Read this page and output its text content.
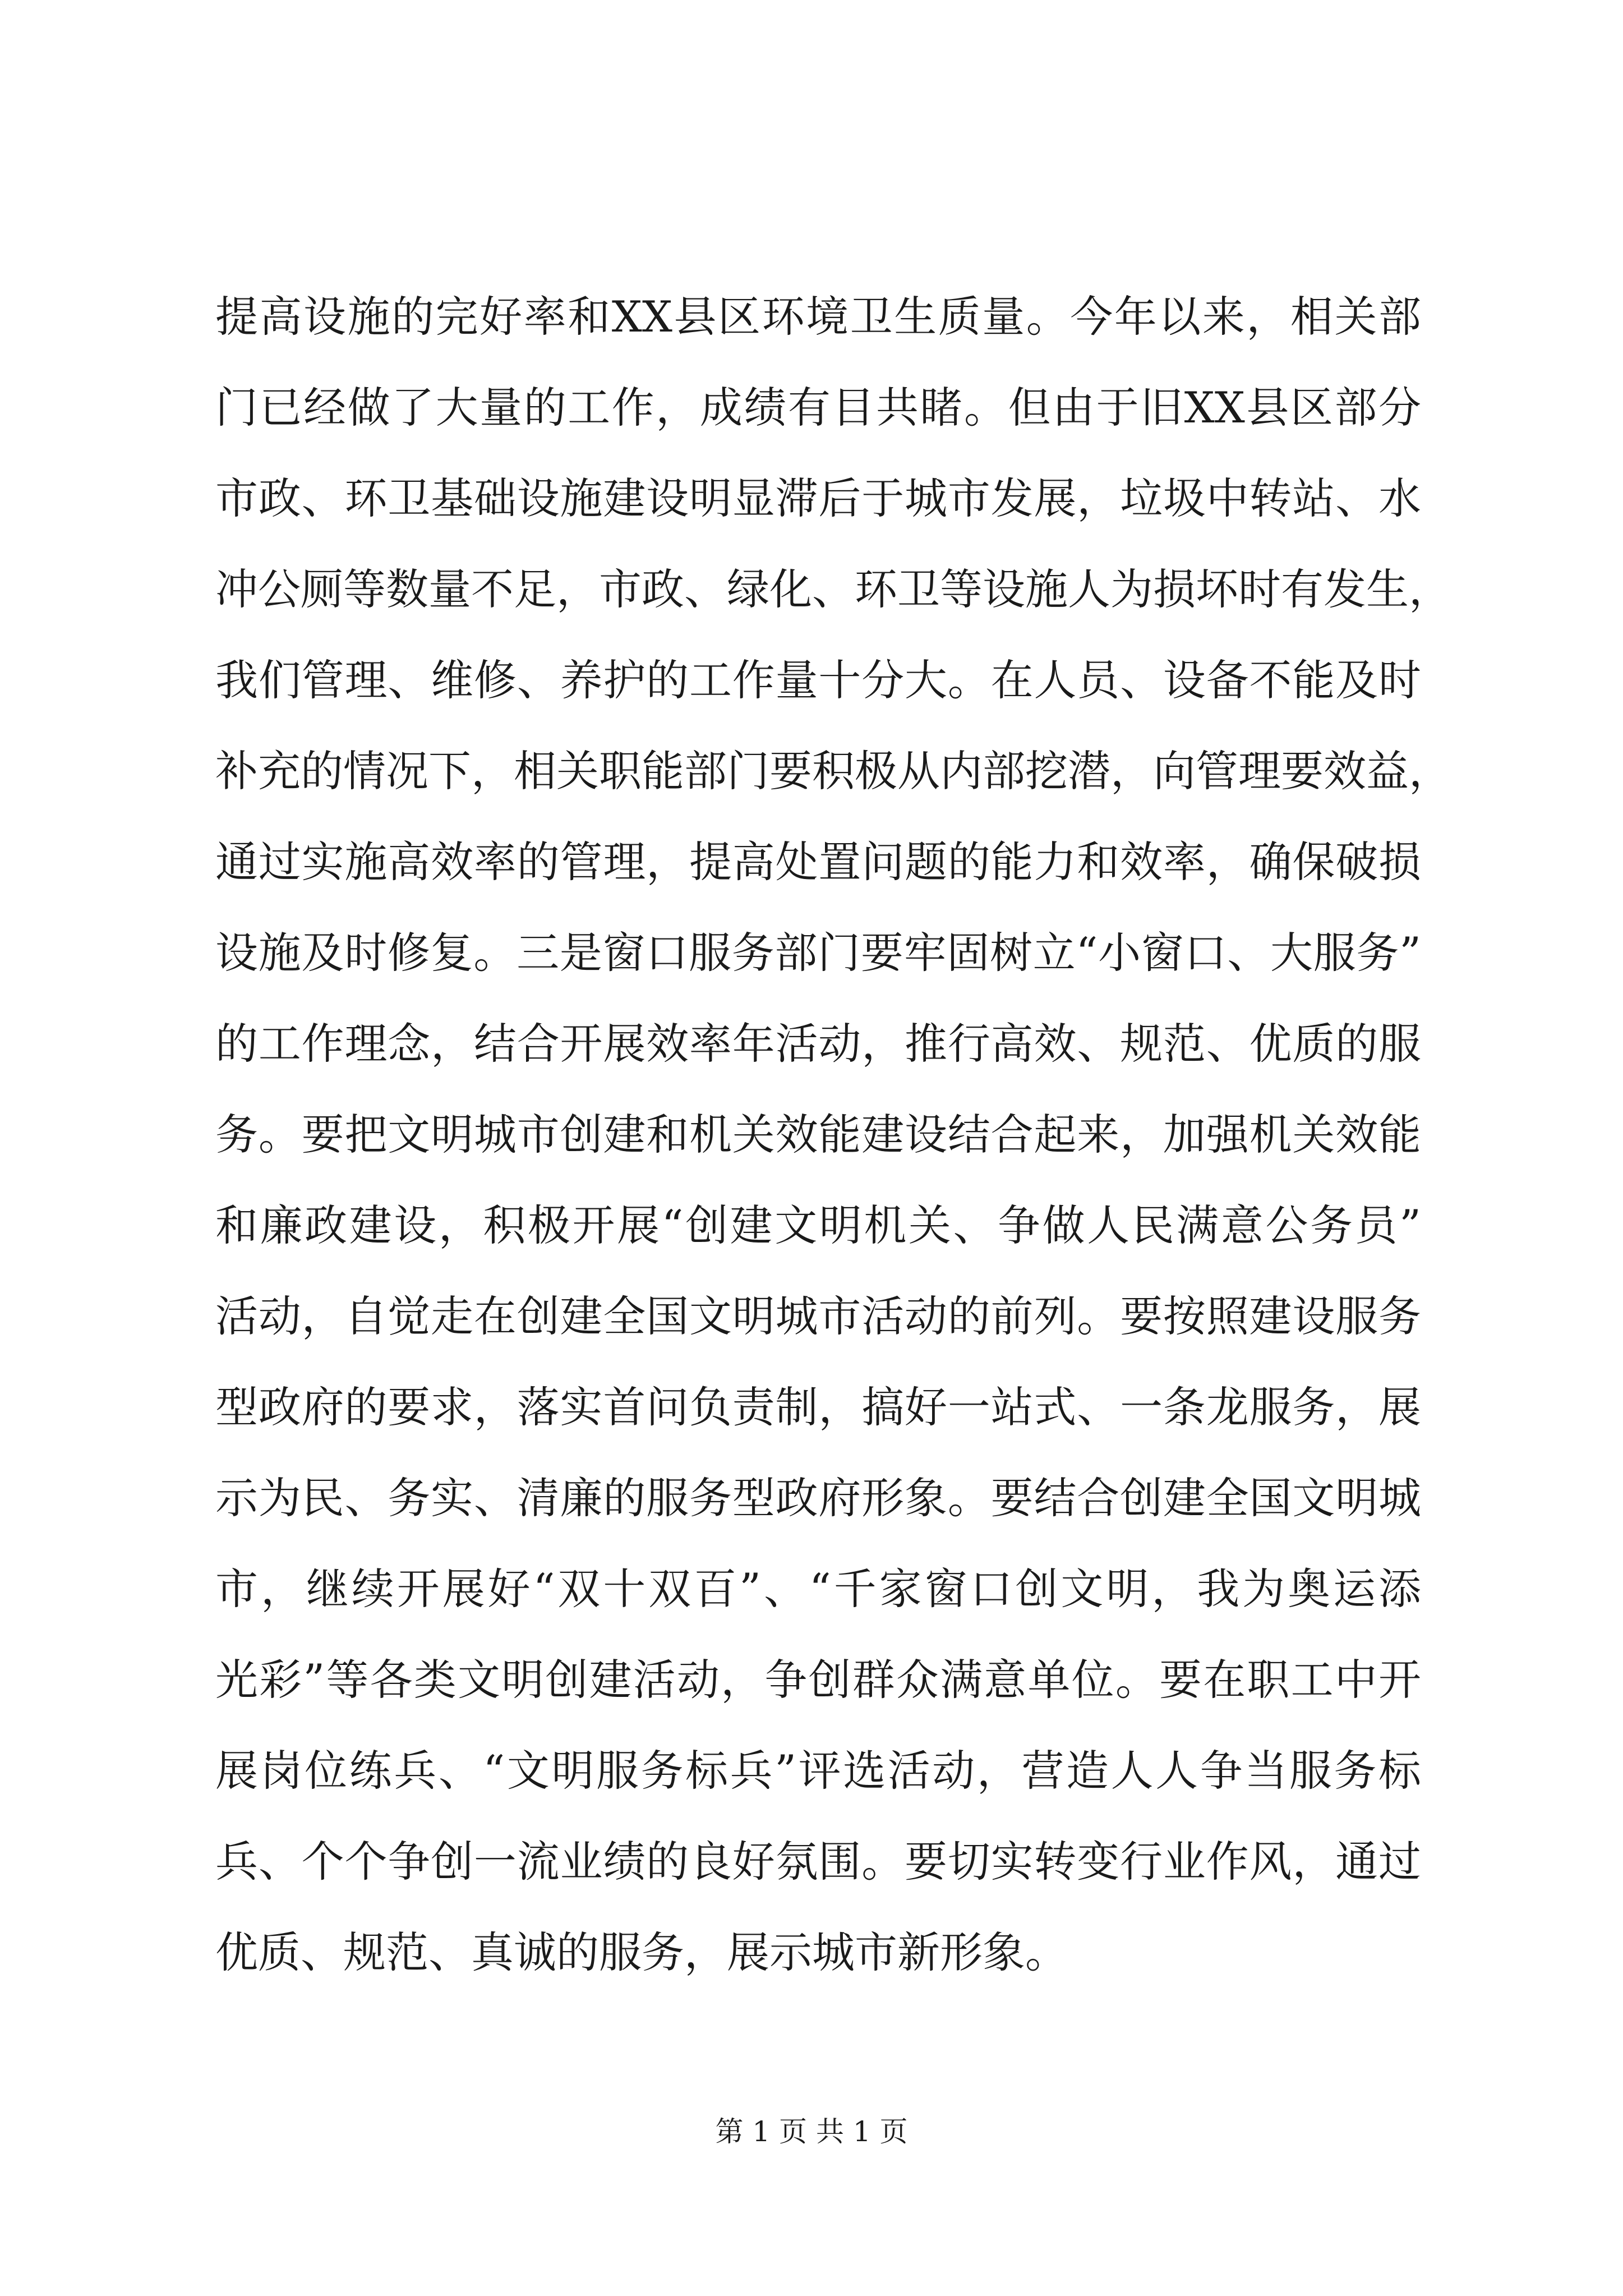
提高设施的完好率和XX县区环境卫生质量。今年以来，相关部
门已经做了大量的工作，成绩有目共睹。但由于旧XX县区部分
市政、环卫基础设施建设明显滞后于城市发展，垃圾中转站、水
冲公厕等数量不足，市政、绿化、环卫等设施人为损坏时有发生，
我们管理、维修、养护的工作量十分大。在人员、设备不能及时
补充的情况下，相关职能部门要积极从内部挖潜，向管理要效益，
通过实施高效率的管理，提高处置问题的能力和效率，确保破损
设施及时修复。三是窗口服务部门要牢固树立“小窗口、大服务”
的工作理念，结合开展效率年活动，推行高效、规范、优质的服
务。要把文明城市创建和机关效能建设结合起来，加强机关效能
和廉政建设，积极开展“创建文明机关、争做人民满意公务员”
活动，自觉走在创建全国文明城市活动的前列。要按照建设服务
型政府的要求，落实首问负责制，搞好一站式、一条龙服务，展
示为民、务实、清廉的服务型政府形象。要结合创建全国文明城
市，继续开展好“双十双百”、“千家窗口创文明，我为奥运添
光彩”等各类文明创建活动，争创群众满意单位。要在职工中开
展岗位练兵、“文明服务标兵”评选活动，营造人人争当服务标
兵、个个争创一流业绩的良好氛围。要切实转变行业作风，通过
优质、规范、真诚的服务，展示城市新形象。
第 1 页 共 1 页
